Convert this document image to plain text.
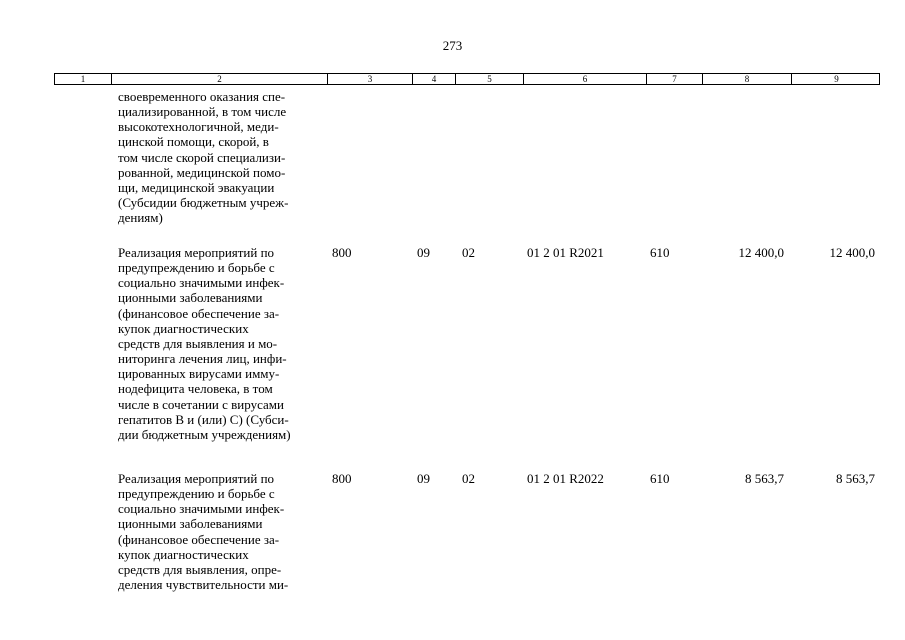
273
1	2	3	4	5	6	7	8	9
своевременного оказания спе-
циализированной, в том числе
высокотехнологичной, меди-
цинской помощи, скорой, в
том числе скорой специализи-
рованной, медицинской помо-
щи, медицинской эвакуации
(Субсидии бюджетным учреж-
дениям)
Реализация мероприятий по
предупреждению и борьбе с
социально значимыми инфек-
ционными заболеваниями
(финансовое обеспечение за-
купок диагностических
средств для выявления и мо-
ниторинга лечения лиц, инфи-
цированных вирусами имму-
нодефицита человека, в том
числе в сочетании с вирусами
гепатитов В и (или) С) (Субси-
дии бюджетным учреждениям)
800	09 02	01 2 01 R2021	610	12 400,0	12 400,0
Реализация мероприятий по
предупреждению и борьбе с
социально значимыми инфек-
ционными заболеваниями
(финансовое обеспечение за-
купок диагностических
средств для выявления, опре-
деления чувствительности ми-
800	09 02	01 2 01 R2022	610	8 563,7	8 563,7
